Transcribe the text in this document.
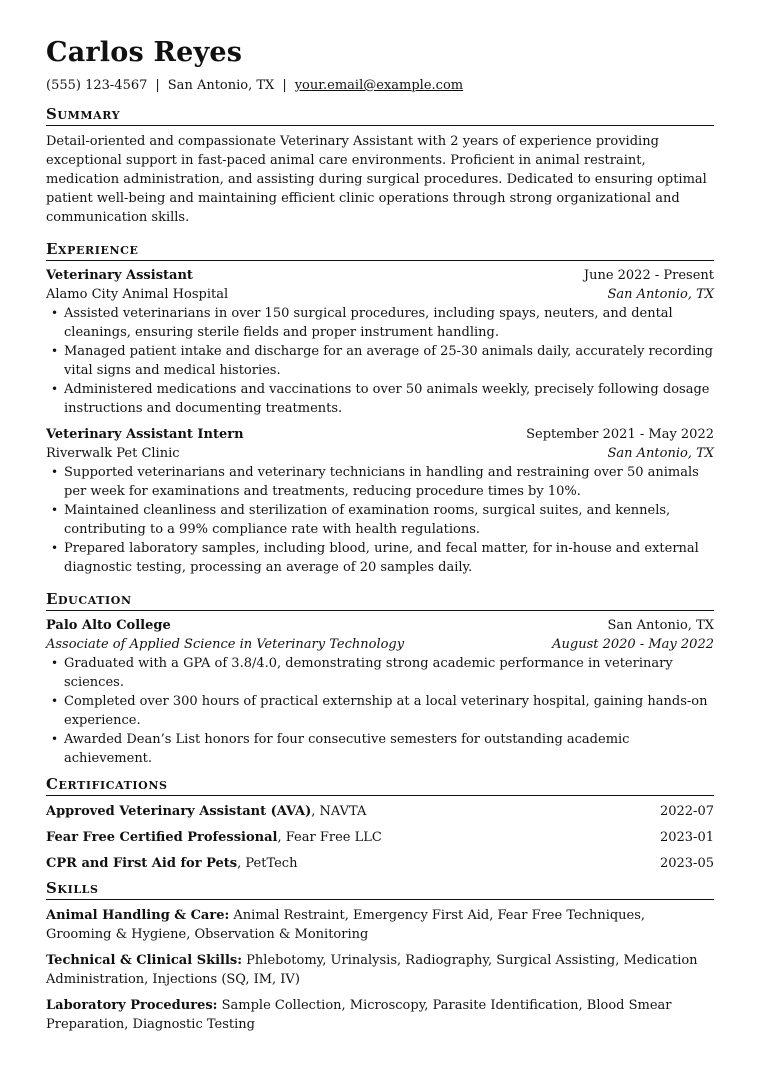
Carlos Reyes
(555) 123-4567 | San Antonio, TX | your.email@example.com
Summary
Detail-oriented and compassionate Veterinary Assistant with 2 years of experience providing exceptional support in fast-paced animal care environments. Proficient in animal restraint, medication administration, and assisting during surgical procedures. Dedicated to ensuring optimal patient well-being and maintaining efficient clinic operations through strong organizational and communication skills.
Experience
Veterinary Assistant	June 2022 - Present
Alamo City Animal Hospital	San Antonio, TX
• Assisted veterinarians in over 150 surgical procedures, including spays, neuters, and dental cleanings, ensuring sterile fields and proper instrument handling.
• Managed patient intake and discharge for an average of 25-30 animals daily, accurately recording vital signs and medical histories.
• Administered medications and vaccinations to over 50 animals weekly, precisely following dosage instructions and documenting treatments.
Veterinary Assistant Intern	September 2021 - May 2022
Riverwalk Pet Clinic	San Antonio, TX
• Supported veterinarians and veterinary technicians in handling and restraining over 50 animals per week for examinations and treatments, reducing procedure times by 10%.
• Maintained cleanliness and sterilization of examination rooms, surgical suites, and kennels, contributing to a 99% compliance rate with health regulations.
• Prepared laboratory samples, including blood, urine, and fecal matter, for in-house and external diagnostic testing, processing an average of 20 samples daily.
Education
Palo Alto College	San Antonio, TX
Associate of Applied Science in Veterinary Technology	August 2020 - May 2022
• Graduated with a GPA of 3.8/4.0, demonstrating strong academic performance in veterinary sciences.
• Completed over 300 hours of practical externship at a local veterinary hospital, gaining hands-on experience.
• Awarded Dean’s List honors for four consecutive semesters for outstanding academic achievement.
Certifications
Approved Veterinary Assistant (AVA), NAVTA	2022-07
Fear Free Certified Professional, Fear Free LLC	2023-01
CPR and First Aid for Pets, PetTech	2023-05
Skills
Animal Handling & Care: Animal Restraint, Emergency First Aid, Fear Free Techniques, Grooming & Hygiene, Observation & Monitoring
Technical & Clinical Skills: Phlebotomy, Urinalysis, Radiography, Surgical Assisting, Medication Administration, Injections (SQ, IM, IV)
Laboratory Procedures: Sample Collection, Microscopy, Parasite Identification, Blood Smear Preparation, Diagnostic Testing
